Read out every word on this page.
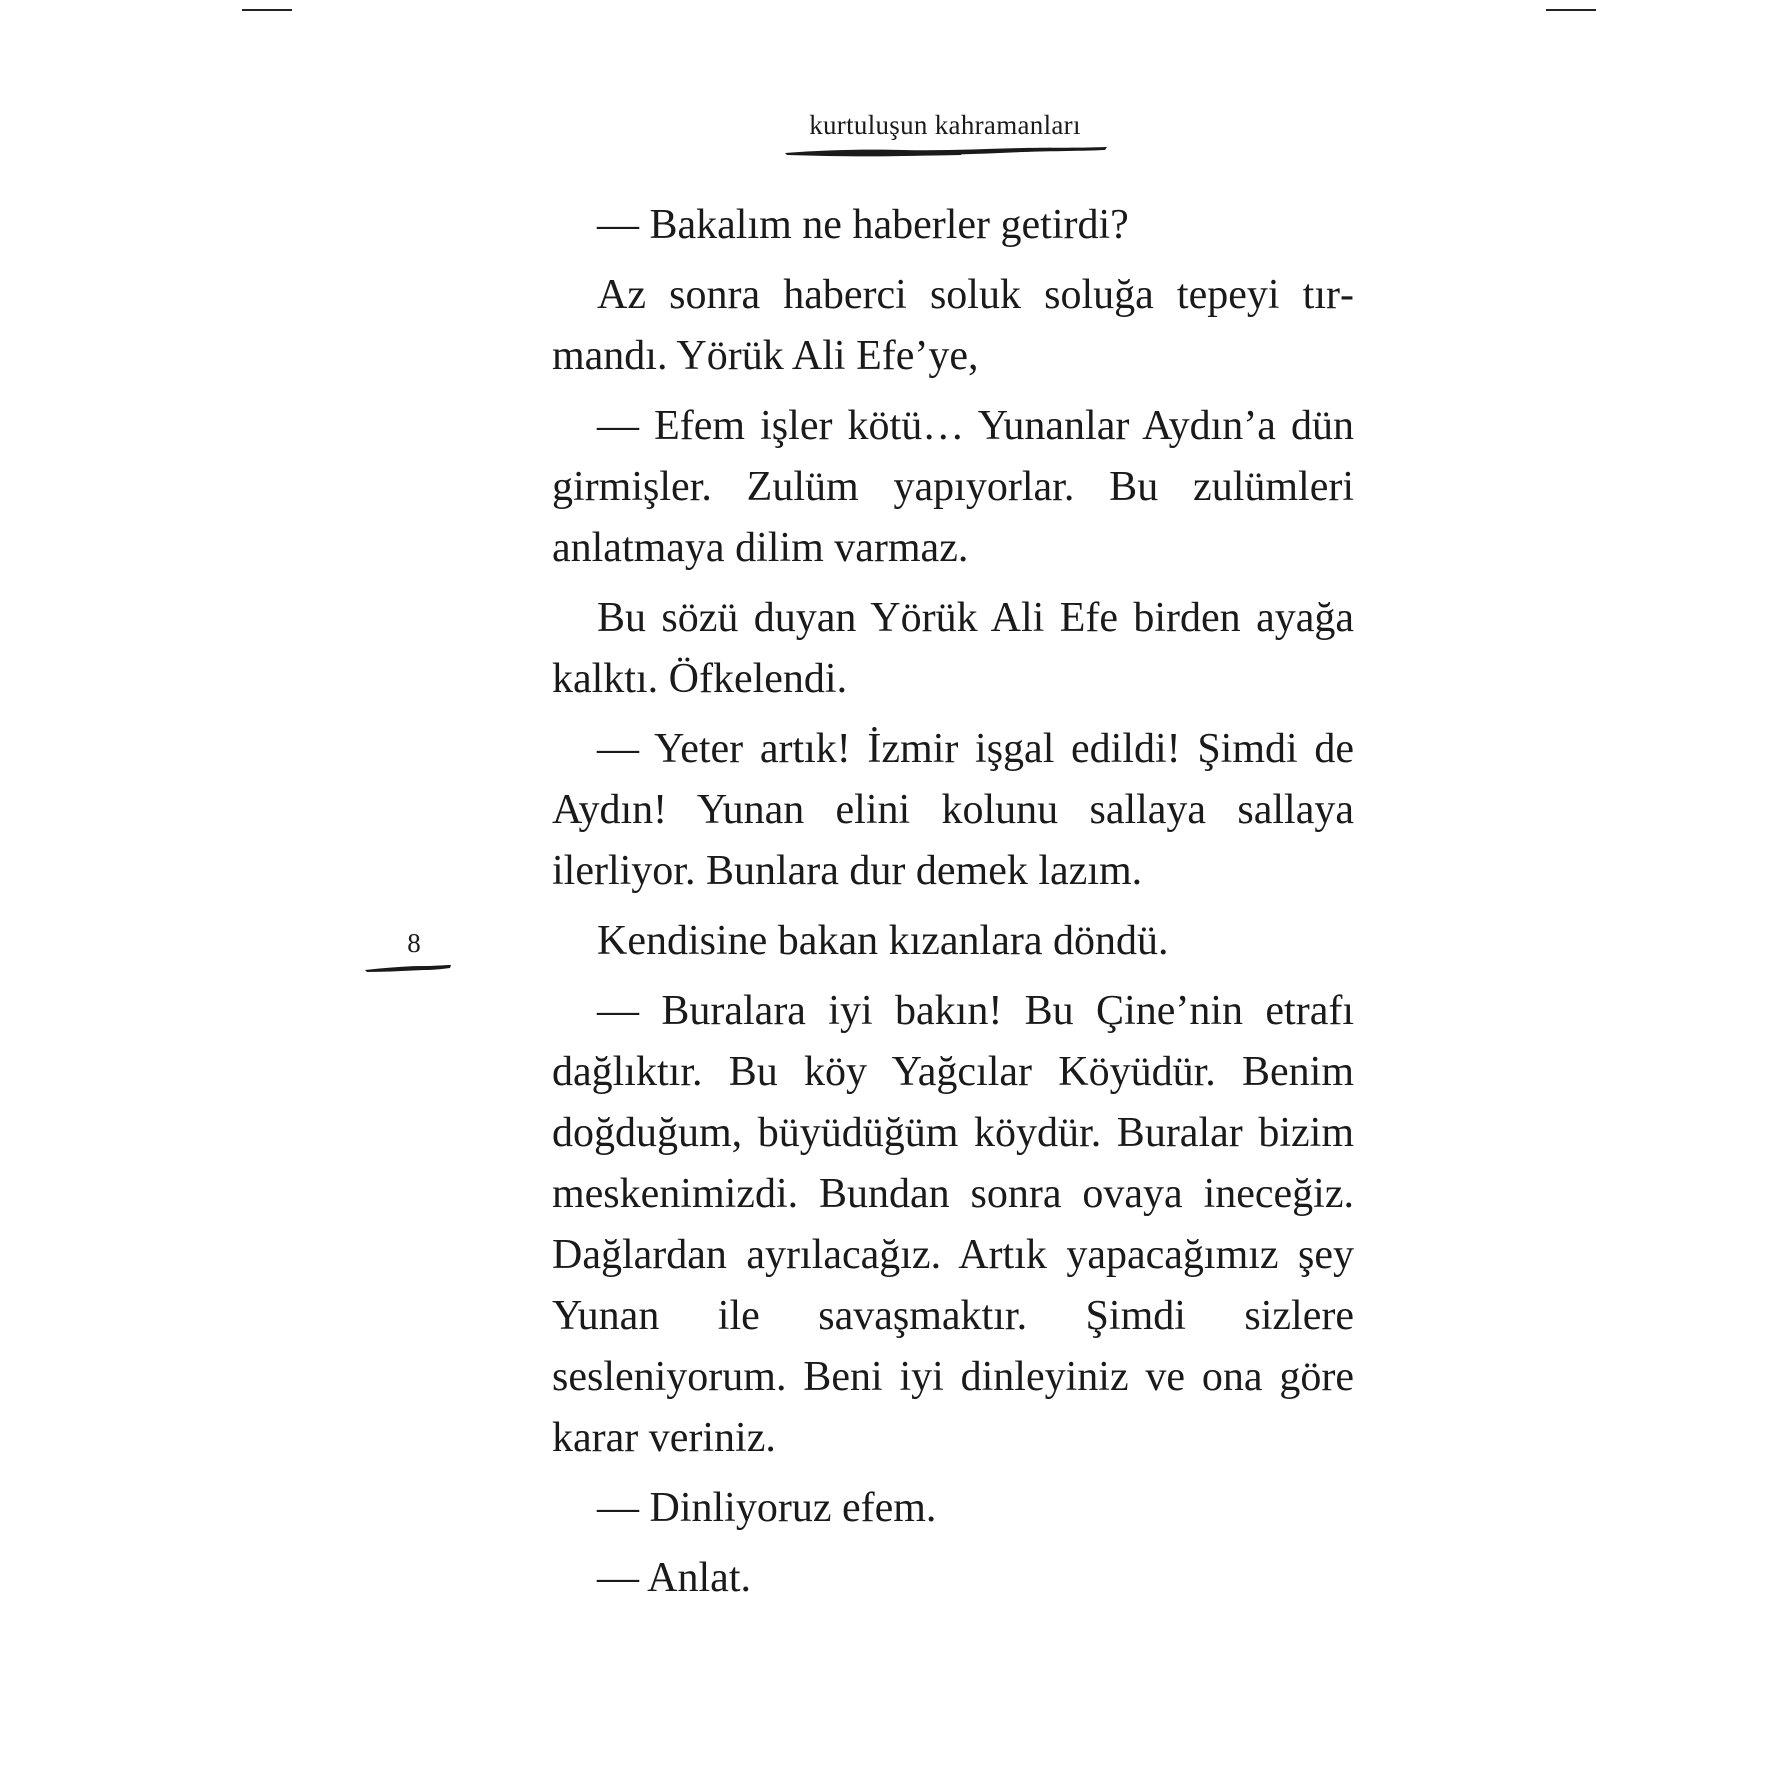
kurtuluşun kahramanları
8

— Bakalım ne haberler getirdi?

Az sonra haberci soluk soluğa tepeyi tırmandı. Yörük Ali Efe’ye,

— Efem işler kötü… Yunanlar Aydın’a dün girmişler. Zulüm yapıyorlar. Bu zulümleri anlatmaya dilim varmaz.

Bu sözü duyan Yörük Ali Efe birden ayağa kalktı. Öfkelendi.

— Yeter artık! İzmir işgal edildi! Şimdi de Aydın! Yunan elini kolunu sallaya sallaya ilerliyor. Bunlara dur demek lazım.

Kendisine bakan kızanlara döndü.

— Buralara iyi bakın! Bu Çine’nin etrafı dağlıktır. Bu köy Yağcılar Köyüdür. Benim doğduğum, büyüdüğüm köydür. Buralar bizim meskenimizdi. Bundan sonra ovaya ineceğiz. Dağlardan ayrılacağız. Artık yapacağımız şey Yunan ile savaşmaktır. Şimdi sizlere sesleniyorum. Beni iyi dinleyiniz ve ona göre karar veriniz.

— Dinliyoruz efem.

— Anlat.
